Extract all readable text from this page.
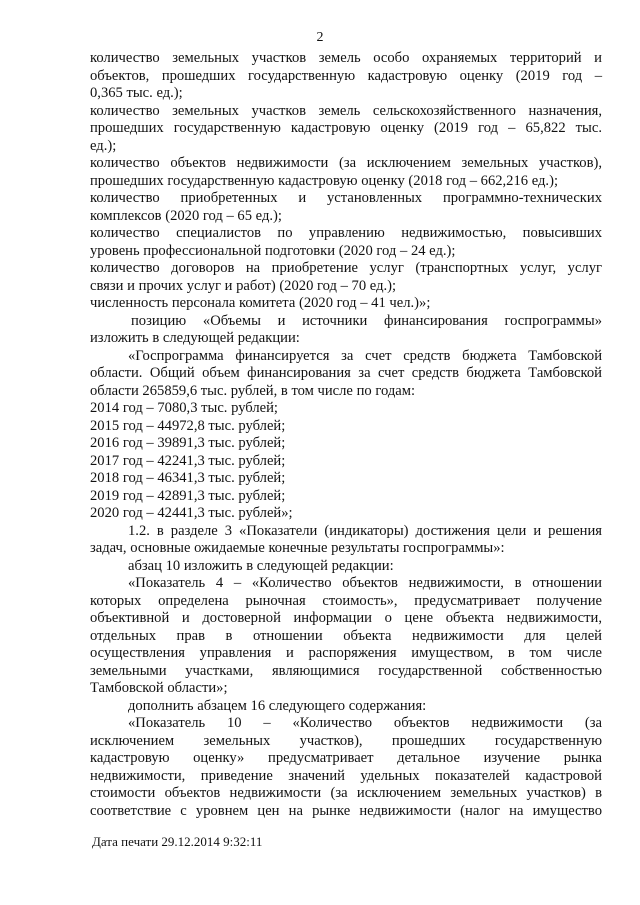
2
количество земельных участков земель особо охраняемых территорий и
объектов, прошедших государственную кадастровую оценку (2019 год –
0,365 тыс. ед.);
количество земельных участков земель сельскохозяйственного назначения,
прошедших государственную кадастровую оценку (2019 год – 65,822 тыс.
ед.);
количество объектов недвижимости (за исключением земельных участков),
прошедших государственную кадастровую оценку (2018 год – 662,216 ед.);
количество приобретенных и установленных программно-технических
комплексов (2020 год – 65 ед.);
количество специалистов по управлению недвижимостью, повысивших
уровень профессиональной подготовки (2020 год – 24 ед.);
количество договоров на приобретение услуг (транспортных услуг, услуг
связи и прочих услуг и работ) (2020 год – 70 ед.);
численность персонала комитета (2020 год – 41 чел.)»;
позицию «Объемы и источники финансирования госпрограммы»
изложить в следующей редакции:
«Госпрограмма финансируется за счет средств бюджета Тамбовской
области. Общий объем финансирования за счет средств бюджета Тамбовской
области 265859,6 тыс. рублей, в том числе по годам:
2014 год – 7080,3 тыс. рублей;
2015 год – 44972,8 тыс. рублей;
2016 год – 39891,3 тыс. рублей;
2017 год – 42241,3 тыс. рублей;
2018 год – 46341,3 тыс. рублей;
2019 год – 42891,3 тыс. рублей;
2020 год – 42441,3 тыс. рублей»;
1.2. в разделе 3 «Показатели (индикаторы) достижения цели и решения
задач, основные ожидаемые конечные результаты госпрограммы»:
абзац 10 изложить в следующей редакции:
«Показатель 4 – «Количество объектов недвижимости, в отношении
которых определена рыночная стоимость», предусматривает получение
объективной и достоверной информации о цене объекта недвижимости,
отдельных прав в отношении объекта недвижимости для целей
осуществления управления и распоряжения имуществом, в том числе
земельными участками, являющимися государственной собственностью
Тамбовской области»;
дополнить абзацем 16 следующего содержания:
«Показатель 10 – «Количество объектов недвижимости (за
исключением земельных участков), прошедших государственную
кадастровую оценку» предусматривает детальное изучение рынка
недвижимости, приведение значений удельных показателей кадастровой
стоимости объектов недвижимости (за исключением земельных участков) в
соответствие с уровнем цен на рынке недвижимости (налог на имущество
Дата печати 29.12.2014 9:32:11
